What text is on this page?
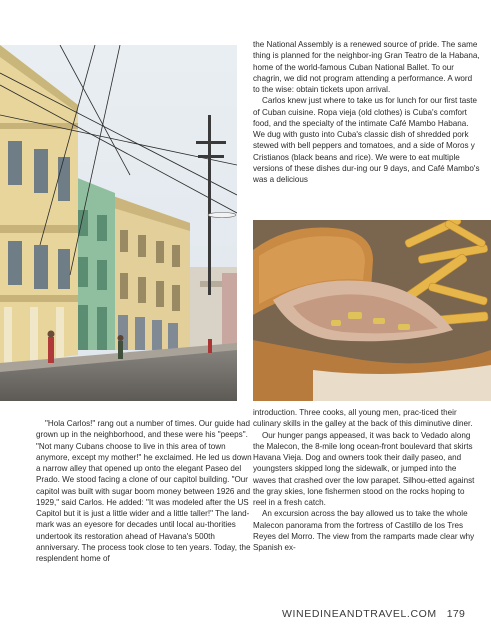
the National Assembly is a renewed source of pride. The same thing is planned for the neighbor-ing Gran Teatro de la Habana, home of the world-famous Cuban National Ballet. To our chagrin, we did not program attending a performance. A word to the wise: obtain tickets upon arrival.

Carlos knew just where to take us for lunch for our first taste of Cuban cuisine. Ropa vieja (old clothes) is Cuba's comfort food, and the specialty of the intimate Café Mambo Habana. We dug with gusto into Cuba's classic dish of shredded pork stewed with bell peppers and tomatoes, and a side of Moros y Cristianos (black beans and rice). We were to eat multiple versions of these dishes dur-ing our 9 days, and Café Mambo's was a delicious

"Hola Carlos!" rang out a number of times. Our guide had grown up in the neighborhood, and these were his "peeps". "Not many Cubans choose to live in this area of town anymore, except my mother!" he exclaimed. He led us down a narrow alley that opened up onto the elegant Paseo del Prado. We stood facing a clone of our capitol building. "Our capitol was built with sugar boom money between 1926 and 1929," said Carlos. He added: "It was modeled after the US Capitol but it is just a little wider and a little taller!" The land-mark was an eyesore for decades until local au-thorities undertook its restoration ahead of Havana's 500th anniversary. The process took close to ten years. Today, the resplendent home of

introduction. Three cooks, all young men, prac-ticed their culinary skills in the galley at the back of this diminutive diner.

Our hunger pangs appeased, it was back to Vedado along the Malecon, the 8-mile long ocean-front boulevard that skirts Havana Vieja. Dog and owners took their daily paseo, and youngsters skipped long the sidewalk, or jumped into the waves that crashed over the low parapet. Silhou-etted against the gray skies, lone fishermen stood on the rocks hoping to reel in a fresh catch.

An excursion across the bay allowed us to take the whole Malecon panorama from the fortress of Castillo de los Tres Reyes del Morro. The view from the ramparts made clear why Spanish ex-

WINEDINEANDTRAVEL.COM 179
